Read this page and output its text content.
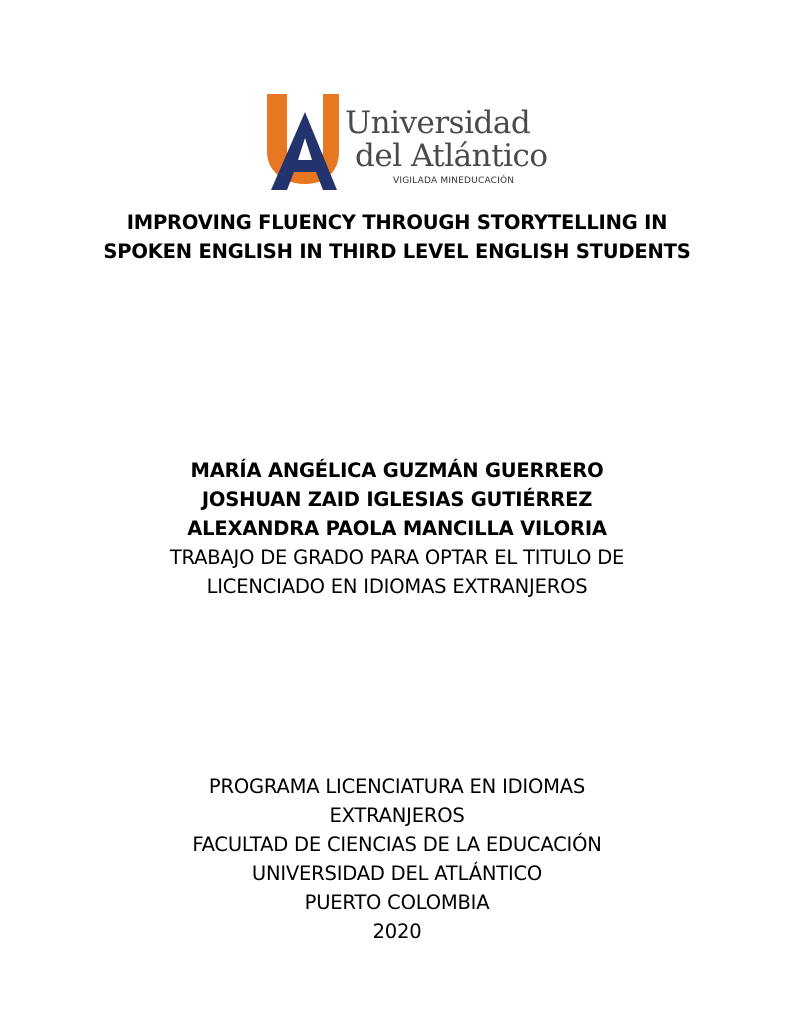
Universidad
del Atlántico
VIGILADA MINEDUCACIÓN
IMPROVING FLUENCY THROUGH STORYTELLING IN
SPOKEN ENGLISH IN THIRD LEVEL ENGLISH STUDENTS
MARÍA ANGÉLICA GUZMÁN GUERRERO
JOSHUAN ZAID IGLESIAS GUTIÉRREZ
ALEXANDRA PAOLA MANCILLA VILORIA
TRABAJO DE GRADO PARA OPTAR EL TITULO DE
LICENCIADO EN IDIOMAS EXTRANJEROS
PROGRAMA LICENCIATURA EN IDIOMAS
EXTRANJEROS
FACULTAD DE CIENCIAS DE LA EDUCACIÓN
UNIVERSIDAD DEL ATLÁNTICO
PUERTO COLOMBIA
2020
